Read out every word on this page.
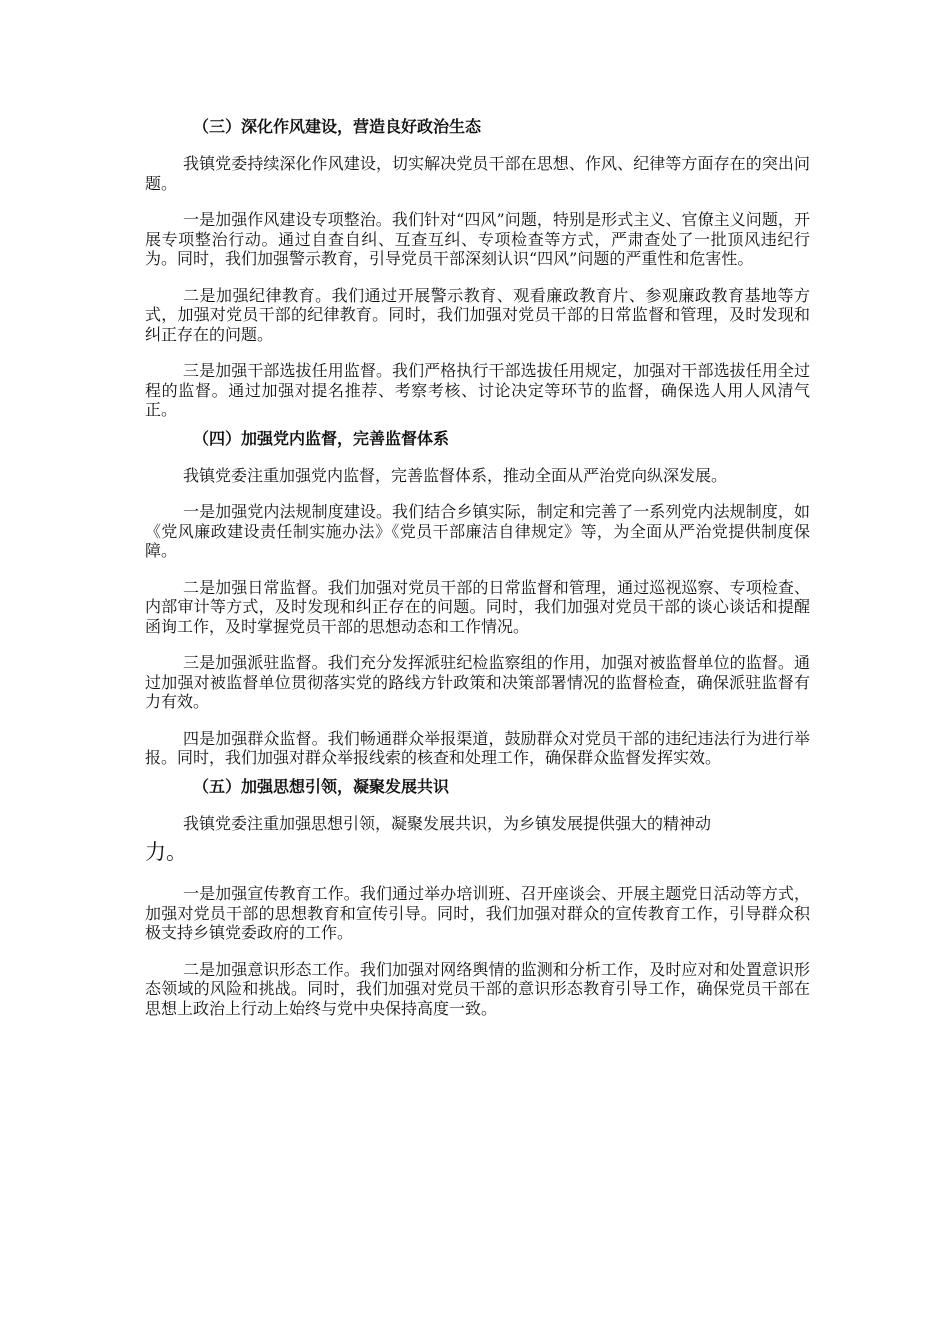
（三）深化作风建设，营造良好政治生态

我镇党委持续深化作风建设，切实解决党员干部在思想、作风、纪律等方面存在的突出问题。

一是加强作风建设专项整治。我们针对“四风”问题，特别是形式主义、官僚主义问题，开展专项整治行动。通过自查自纠、互查互纠、专项检查等方式，严肃查处了一批顶风违纪行为。同时，我们加强警示教育，引导党员干部深刻认识“四风”问题的严重性和危害性。

二是加强纪律教育。我们通过开展警示教育、观看廉政教育片、参观廉政教育基地等方式，加强对党员干部的纪律教育。同时，我们加强对党员干部的日常监督和管理，及时发现和纠正存在的问题。

三是加强干部选拔任用监督。我们严格执行干部选拔任用规定，加强对干部选拔任用全过程的监督。通过加强对提名推荐、考察考核、讨论决定等环节的监督，确保选人用人风清气正。

（四）加强党内监督，完善监督体系

我镇党委注重加强党内监督，完善监督体系，推动全面从严治党向纵深发展。

一是加强党内法规制度建设。我们结合乡镇实际，制定和完善了一系列党内法规制度，如《党风廉政建设责任制实施办法》《党员干部廉洁自律规定》等，为全面从严治党提供制度保障。

二是加强日常监督。我们加强对党员干部的日常监督和管理，通过巡视巡察、专项检查、内部审计等方式，及时发现和纠正存在的问题。同时，我们加强对党员干部的谈心谈话和提醒函询工作，及时掌握党员干部的思想动态和工作情况。

三是加强派驻监督。我们充分发挥派驻纪检监察组的作用，加强对被监督单位的监督。通过加强对被监督单位贯彻落实党的路线方针政策和决策部署情况的监督检查，确保派驻监督有力有效。

四是加强群众监督。我们畅通群众举报渠道，鼓励群众对党员干部的违纪违法行为进行举报。同时，我们加强对群众举报线索的核查和处理工作，确保群众监督发挥实效。

（五）加强思想引领，凝聚发展共识

我镇党委注重加强思想引领，凝聚发展共识，为乡镇发展提供强大的精神动
力。

一是加强宣传教育工作。我们通过举办培训班、召开座谈会、开展主题党日活动等方式，加强对党员干部的思想教育和宣传引导。同时，我们加强对群众的宣传教育工作，引导群众积极支持乡镇党委政府的工作。

二是加强意识形态工作。我们加强对网络舆情的监测和分析工作，及时应对和处置意识形态领域的风险和挑战。同时，我们加强对党员干部的意识形态教育引导工作，确保党员干部在思想上政治上行动上始终与党中央保持高度一致。
